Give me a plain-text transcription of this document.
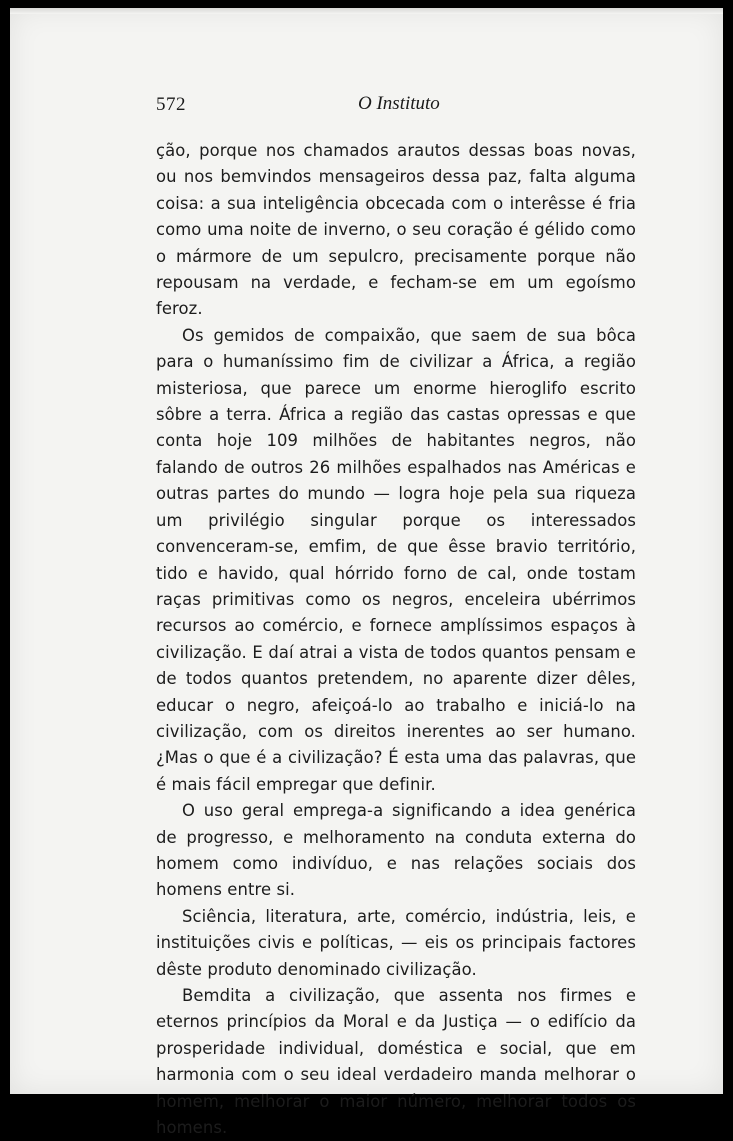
572	O Instituto

ção, porque nos chamados arautos dessas boas novas, ou nos bemvindos mensageiros dessa paz, falta alguma coisa: a sua inteligência obcecada com o interêsse é fria como uma noite de inverno, o seu coração é gélido como o mármore de um sepulcro, precisamente porque não repousam na verdade, e fecham-se em um egoísmo feroz.

Os gemidos de compaixão, que saem de sua bôca para o humaníssimo fim de civilizar a África, a região misteriosa, que parece um enorme hieroglifo escrito sôbre a terra. África a região das castas opressas e que conta hoje 109 milhões de habitantes negros, não falando de outros 26 milhões espalhados nas Américas e outras partes do mundo — logra hoje pela sua riqueza um privilégio singular porque os interessados convenceram-se, emfim, de que êsse bravio território, tido e havido, qual hórrido forno de cal, onde tostam raças primitivas como os negros, enceleira ubérrimos recursos ao comércio, e fornece amplíssimos espaços à civilização. E daí atrai a vista de todos quantos pensam e de todos quantos pretendem, no aparente dizer dêles, educar o negro, afeiçoá-lo ao trabalho e iniciá-lo na civilização, com os direitos inerentes ao ser humano. ¿Mas o que é a civilização? É esta uma das palavras, que é mais fácil empregar que definir.

O uso geral emprega-a significando a idea genérica de progresso, e melhoramento na conduta externa do homem como indivíduo, e nas relações sociais dos homens entre si.

Sciência, literatura, arte, comércio, indústria, leis, e instituições civis e políticas, — eis os principais factores dêste produto denominado civilização.

Bemdita a civilização, que assenta nos firmes e eternos princípios da Moral e da Justiça — o edifício da prosperidade individual, doméstica e social, que em harmonia com o seu ideal verdadeiro manda melhorar o homem, melhorar o maior número, melhorar todos os homens.
